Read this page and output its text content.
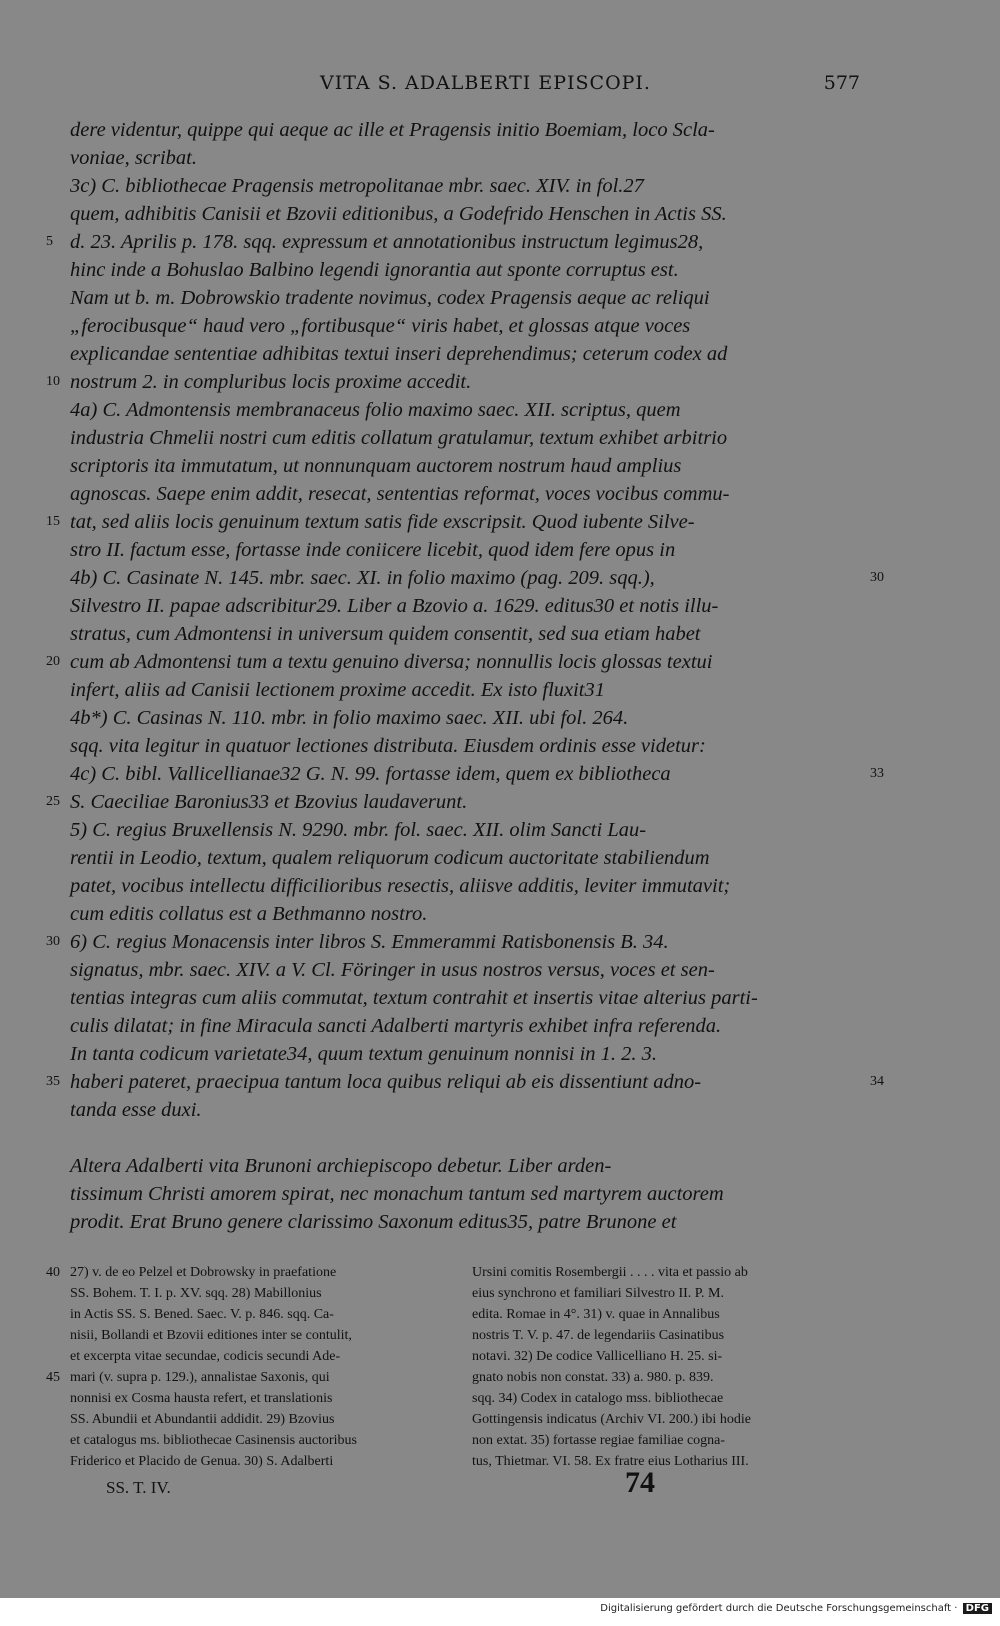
VITA S. ADALBERTI EPISCOPI.	577
dere videntur, quippe qui aeque ac ille et Pragensis initio Boemiam, loco Scla-
voniae, scribat.
3c) C. bibliothecae Pragensis metropolitanae mbr. saec. XIV. in fol.27
quem, adhibitis Canisii et Bzovii editionibus, a Godefrido Henschen in Actis SS.
d. 23. Aprilis p. 178. sqq. expressum et annotationibus instructum legimus28,
5
hinc inde a Bohuslao Balbino legendi ignorantia aut sponte corruptus est.
Nam ut b. m. Dobrowskio tradente novimus, codex Pragensis aeque ac reliqui
„ferocibusque“ haud vero „fortibusque“ viris habet, et glossas atque voces
explicandae sententiae adhibitas textui inseri deprehendimus; ceterum codex ad
nostrum 2. in compluribus locis proxime accedit.
10
4a) C. Admontensis membranaceus folio maximo saec. XII. scriptus, quem
industria Chmelii nostri cum editis collatum gratulamur, textum exhibet arbitrio
scriptoris ita immutatum, ut nonnunquam auctorem nostrum haud amplius
agnoscas. Saepe enim addit, resecat, sententias reformat, voces vocibus commu-
tat, sed aliis locis genuinum textum satis fide exscripsit. Quod iubente Silve-
15
stro II. factum esse, fortasse inde coniicere licebit, quod idem fere opus in
4b) C. Casinate N. 145. mbr. saec. XI. in folio maximo (pag. 209. sqq.),	30
Silvestro II. papae adscribitur29. Liber a Bzovio a. 1629. editus30 et notis illu-
stratus, cum Admontensi in universum quidem consentit, sed sua etiam habet
cum ab Admontensi tum a textu genuino diversa; nonnullis locis glossas textui
20
infert, aliis ad Canisii lectionem proxime accedit. Ex isto fluxit31
4b*) C. Casinas N. 110. mbr. in folio maximo saec. XII. ubi fol. 264.
sqq. vita legitur in quatuor lectiones distributa. Eiusdem ordinis esse videtur:
4c) C. bibl. Vallicellianae32 G. N. 99. fortasse idem, quem ex bibliotheca	33
S. Caeciliae Baronius33 et Bzovius laudaverunt.
25
5) C. regius Bruxellensis N. 9290. mbr. fol. saec. XII. olim Sancti Lau-
rentii in Leodio, textum, qualem reliquorum codicum auctoritate stabiliendum
patet, vocibus intellectu difficilioribus resectis, aliisve additis, leviter immutavit;
cum editis collatus est a Bethmanno nostro.
6) C. regius Monacensis inter libros S. Emmerammi Ratisbonensis B. 34.
30
signatus, mbr. saec. XIV. a V. Cl. Föringer in usus nostros versus, voces et sen-
tentias integras cum aliis commutat, textum contrahit et insertis vitae alterius parti-
culis dilatat; in fine Miracula sancti Adalberti martyris exhibet infra referenda.
In tanta codicum varietate34, quum textum genuinum nonnisi in 1. 2. 3.
haberi pateret, praecipua tantum loca quibus reliqui ab eis dissentiunt adno-
35	34
tanda esse duxi.
Altera Adalberti vita Brunoni archiepiscopo debetur. Liber arden-
tissimum Christi amorem spirat, nec monachum tantum sed martyrem auctorem
prodit. Erat Bruno genere clarissimo Saxonum editus35, patre Brunone et
27) v. de eo Pelzel et Dobrowsky in praefatione	Ursini comitis Rosembergii . . . . vita et passio ab
40
SS. Bohem. T. I. p. XV. sqq. 28) Mabillonius	eius synchrono et familiari Silvestro II. P. M.
in Actis SS. S. Bened. Saec. V. p. 846. sqq. Ca-	edita. Romae in 4°. 31) v. quae in Annalibus
nisii, Bollandi et Bzovii editiones inter se contulit,	nostris T. V. p. 47. de legendariis Casinatibus
et excerpta vitae secundae, codicis secundi Ade-	notavi. 32) De codice Vallicelliano H. 25. si-
mari (v. supra p. 129.), annalistae Saxonis, qui	gnato nobis non constat. 33) a. 980. p. 839.
45
nonnisi ex Cosma hausta refert, et translationis	sqq. 34) Codex in catalogo mss. bibliothecae
SS. Abundii et Abundantii addidit. 29) Bzovius	Gottingensis indicatus (Archiv VI. 200.) ibi hodie
et catalogus ms. bibliothecae Casinensis auctoribus	non extat. 35) fortasse regiae familiae cogna-
Friderico et Placido de Genua. 30) S. Adalberti	tus, Thietmar. VI. 58. Ex fratre eius Lotharius III.
SS. T. IV.	74
Digitalisierung gefördert durch die Deutsche Forschungsgemeinschaft · DFG
